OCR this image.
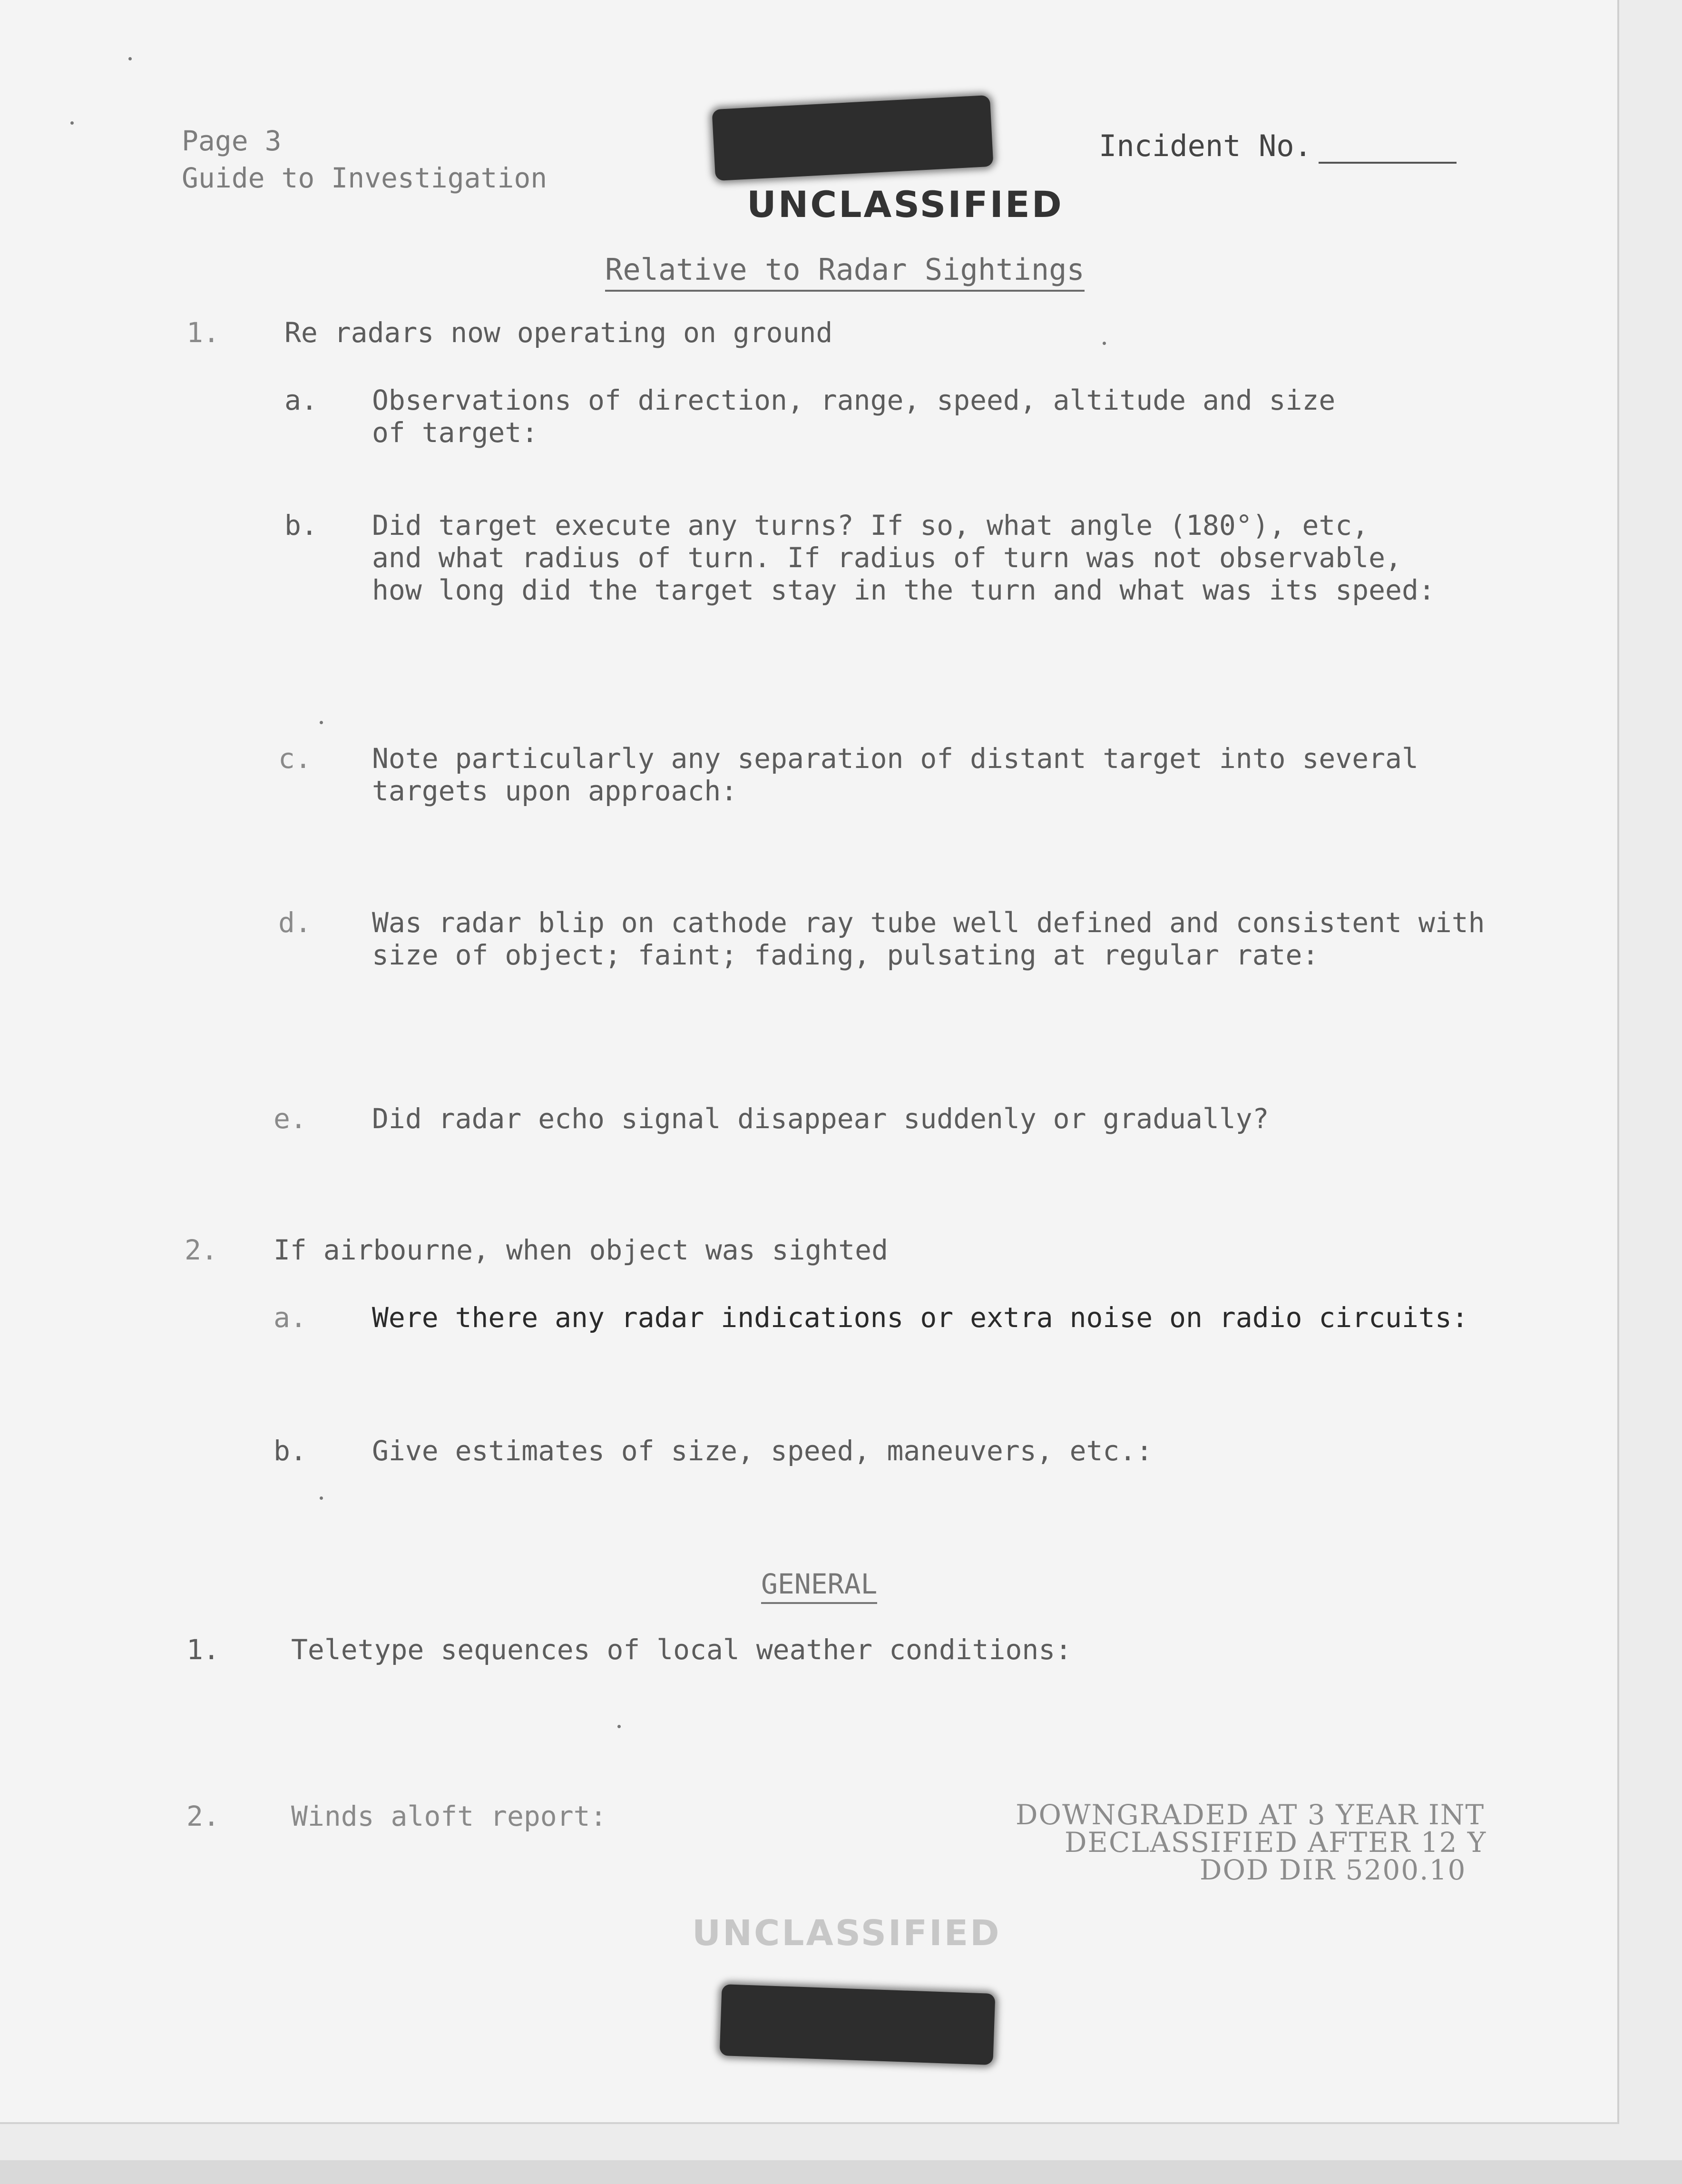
Page 3
Guide to Investigation
Incident No.
UNCLASSIFIED
Relative to Radar Sightings
1. Re radars now operating on ground
a. Observations of direction, range, speed, altitude and size
of target:
b. Did target execute any turns? If so, what angle (180°), etc,
and what radius of turn. If radius of turn was not observable,
how long did the target stay in the turn and what was its speed:
c. Note particularly any separation of distant target into several
targets upon approach:
d. Was radar blip on cathode ray tube well defined and consistent with
size of object; faint; fading, pulsating at regular rate:
e. Did radar echo signal disappear suddenly or gradually?
2. If airbourne, when object was sighted
a. Were there any radar indications or extra noise on radio circuits:
b. Give estimates of size, speed, maneuvers, etc.:
GENERAL
1.	Teletype sequences of local weather conditions:
2.	Winds aloft report:	DOWNGRADED AT 3 YEAR INT
DECLASSIFIED AFTER 12 Y
DOD DIR 5200.10
UNCLASSIFIED
